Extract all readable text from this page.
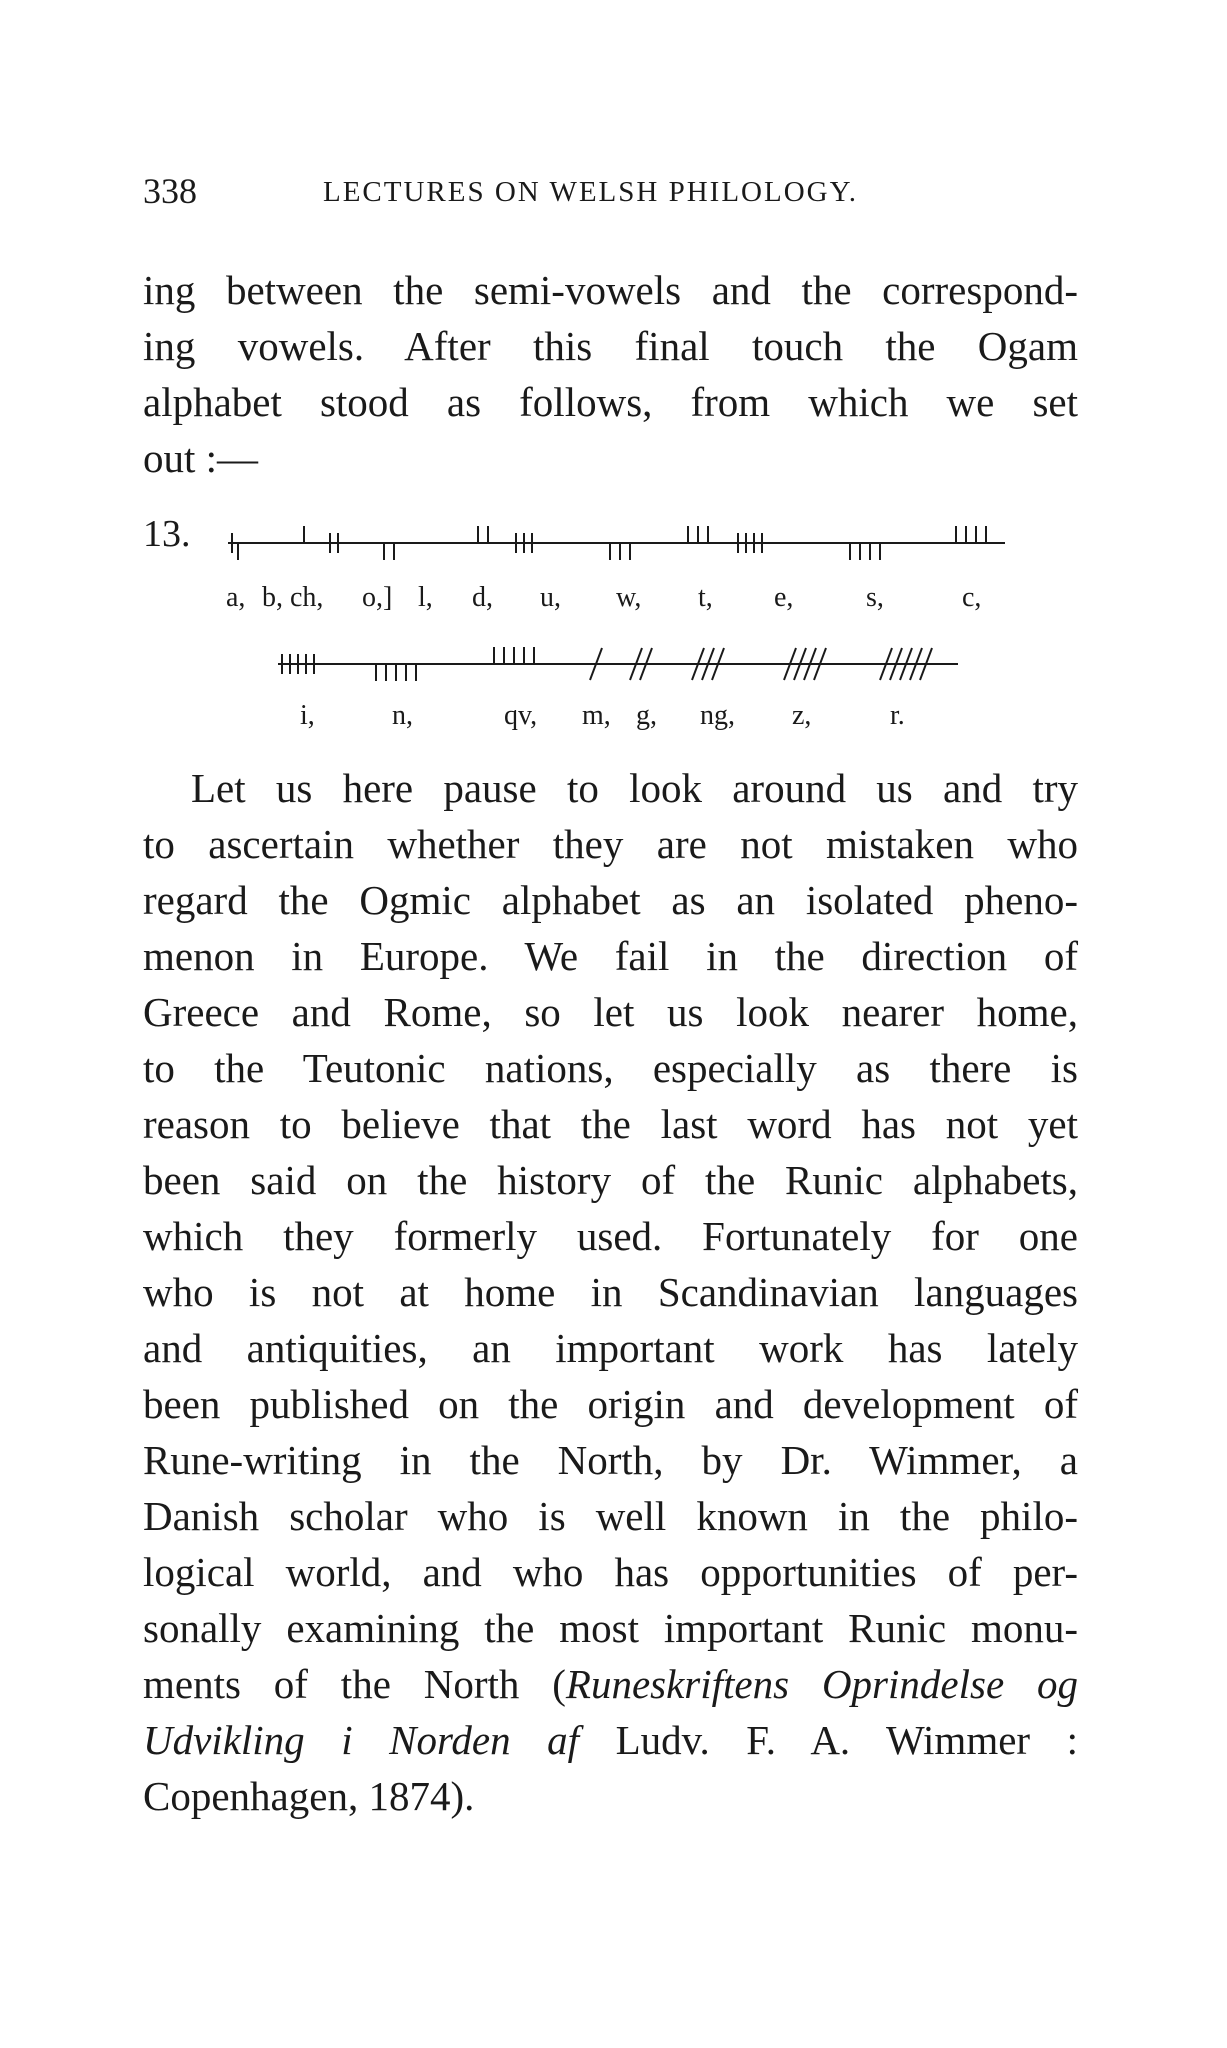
338	LECTURES ON WELSH PHILOLOGY.
ing between the semi-vowels and the correspond-
ing vowels. After this final touch the Ogam
alphabet stood as follows, from which we set
out :—
13.
a, b, ch, o,] l, d, u, w, t, e,	s,	c,
i,	n,	qv, m, g, ng, z,	r.
Let us here pause to look around us and try
to ascertain whether they are not mistaken who
regard the Ogmic alphabet as an isolated pheno-
menon in Europe. We fail in the direction of
Greece and Rome, so let us look nearer home,
to the Teutonic nations, especially as there is
reason to believe that the last word has not yet
been said on the history of the Runic alphabets,
which they formerly used. Fortunately for one
who is not at home in Scandinavian languages
and antiquities, an important work has lately
been published on the origin and development of
Rune-writing in the North, by Dr. Wimmer, a
Danish scholar who is well known in the philo-
logical world, and who has opportunities of per-
sonally examining the most important Runic monu-
ments of the North (Runeskriftens Oprindelse og
Udvikling i Norden af Ludv. F. A. Wimmer :
Copenhagen, 1874).
